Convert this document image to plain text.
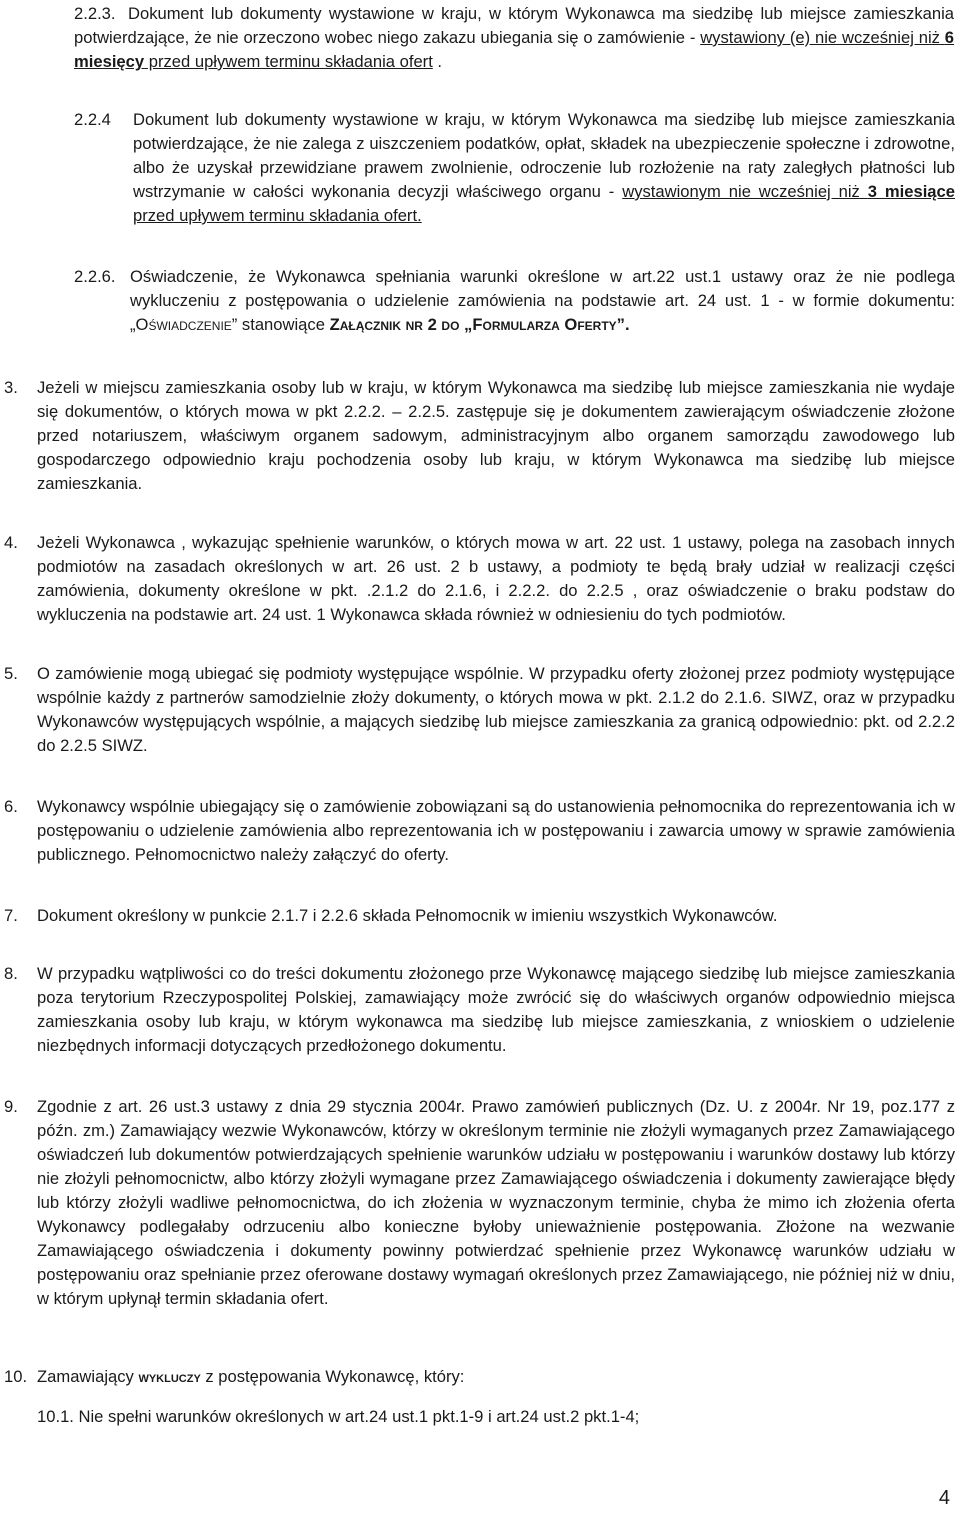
2.2.3. Dokument lub dokumenty wystawione w kraju, w którym Wykonawca ma siedzibę lub miejsce zamieszkania potwierdzające, że nie orzeczono wobec niego zakazu ubiegania się o zamówienie - wystawiony (e) nie wcześniej niż 6 miesięcy przed upływem terminu składania ofert .
2.2.4 Dokument lub dokumenty wystawione w kraju, w którym Wykonawca ma siedzibę lub miejsce zamieszkania potwierdzające, że nie zalega z uiszczeniem podatków, opłat, składek na ubezpieczenie społeczne i zdrowotne, albo że uzyskał przewidziane prawem zwolnienie, odroczenie lub rozłożenie na raty zaległych płatności lub wstrzymanie w całości wykonania decyzji właściwego organu - wystawionym nie wcześniej niż 3 miesiące przed upływem terminu składania ofert.
2.2.6. Oświadczenie, że Wykonawca spełniania warunki określone w art.22 ust.1 ustawy oraz że nie podlega wykluczeniu z postępowania o udzielenie zamówienia na podstawie art. 24 ust. 1 - w formie dokumentu: „Oświadczenie” stanowiące Załącznik nr 2 do „Formularza Oferty”.
3. Jeżeli w miejscu zamieszkania osoby lub w kraju, w którym Wykonawca ma siedzibę lub miejsce zamieszkania nie wydaje się dokumentów, o których mowa w pkt 2.2.2. – 2.2.5. zastępuje się je dokumentem zawierającym oświadczenie złożone przed notariuszem, właściwym organem sadowym, administracyjnym albo organem samorządu zawodowego lub gospodarczego odpowiednio kraju pochodzenia osoby lub kraju, w którym Wykonawca ma siedzibę lub miejsce zamieszkania.
4. Jeżeli Wykonawca , wykazując spełnienie warunków, o których mowa w art. 22 ust. 1 ustawy, polega na zasobach innych podmiotów na zasadach określonych w art. 26 ust. 2 b ustawy, a podmioty te będą brały udział w realizacji części zamówienia, dokumenty określone w pkt. .2.1.2 do 2.1.6, i 2.2.2. do 2.2.5 , oraz oświadczenie o braku podstaw do wykluczenia na podstawie art. 24 ust. 1 Wykonawca składa również w odniesieniu do tych podmiotów.
5. O zamówienie mogą ubiegać się podmioty występujące wspólnie. W przypadku oferty złożonej przez podmioty występujące wspólnie każdy z partnerów samodzielnie złoży dokumenty, o których mowa w pkt. 2.1.2 do 2.1.6. SIWZ, oraz w przypadku Wykonawców występujących wspólnie, a mających siedzibę lub miejsce zamieszkania za granicą odpowiednio: pkt. od 2.2.2 do 2.2.5 SIWZ.
6. Wykonawcy wspólnie ubiegający się o zamówienie zobowiązani są do ustanowienia pełnomocnika do reprezentowania ich w postępowaniu o udzielenie zamówienia albo reprezentowania ich w postępowaniu i zawarcia umowy w sprawie zamówienia publicznego. Pełnomocnictwo należy załączyć do oferty.
7. Dokument określony w punkcie 2.1.7 i 2.2.6 składa Pełnomocnik w imieniu wszystkich Wykonawców.
8. W przypadku wątpliwości co do treści dokumentu złożonego prze Wykonawcę mającego siedzibę lub miejsce zamieszkania poza terytorium Rzeczypospolitej Polskiej, zamawiający może zwrócić się do właściwych organów odpowiednio miejsca zamieszkania osoby lub kraju, w którym wykonawca ma siedzibę lub miejsce zamieszkania, z wnioskiem o udzielenie niezbędnych informacji dotyczących przedłożonego dokumentu.
9. Zgodnie z art. 26 ust.3 ustawy z dnia 29 stycznia 2004r. Prawo zamówień publicznych (Dz. U. z 2004r. Nr 19, poz.177 z późn. zm.) Zamawiający wezwie Wykonawców, którzy w określonym terminie nie złożyli wymaganych przez Zamawiającego oświadczeń lub dokumentów potwierdzających spełnienie warunków udziału w postępowaniu i warunków dostawy lub którzy nie złożyli pełnomocnictw, albo którzy złożyli wymagane przez Zamawiającego oświadczenia i dokumenty zawierające błędy lub którzy złożyli wadliwe pełnomocnictwa, do ich złożenia w wyznaczonym terminie, chyba że mimo ich złożenia oferta Wykonawcy podlegałaby odrzuceniu albo konieczne byłoby unieważnienie postępowania. Złożone na wezwanie Zamawiającego oświadczenia i dokumenty powinny potwierdzać spełnienie przez Wykonawcę warunków udziału w postępowaniu oraz spełnianie przez oferowane dostawy wymagań określonych przez Zamawiającego, nie później niż w dniu, w którym upłynął termin składania ofert.
10. Zamawiający wykluczy z postępowania Wykonawcę, który:
10.1. Nie spełni warunków określonych w art.24 ust.1 pkt.1-9 i art.24 ust.2 pkt.1-4;
4
